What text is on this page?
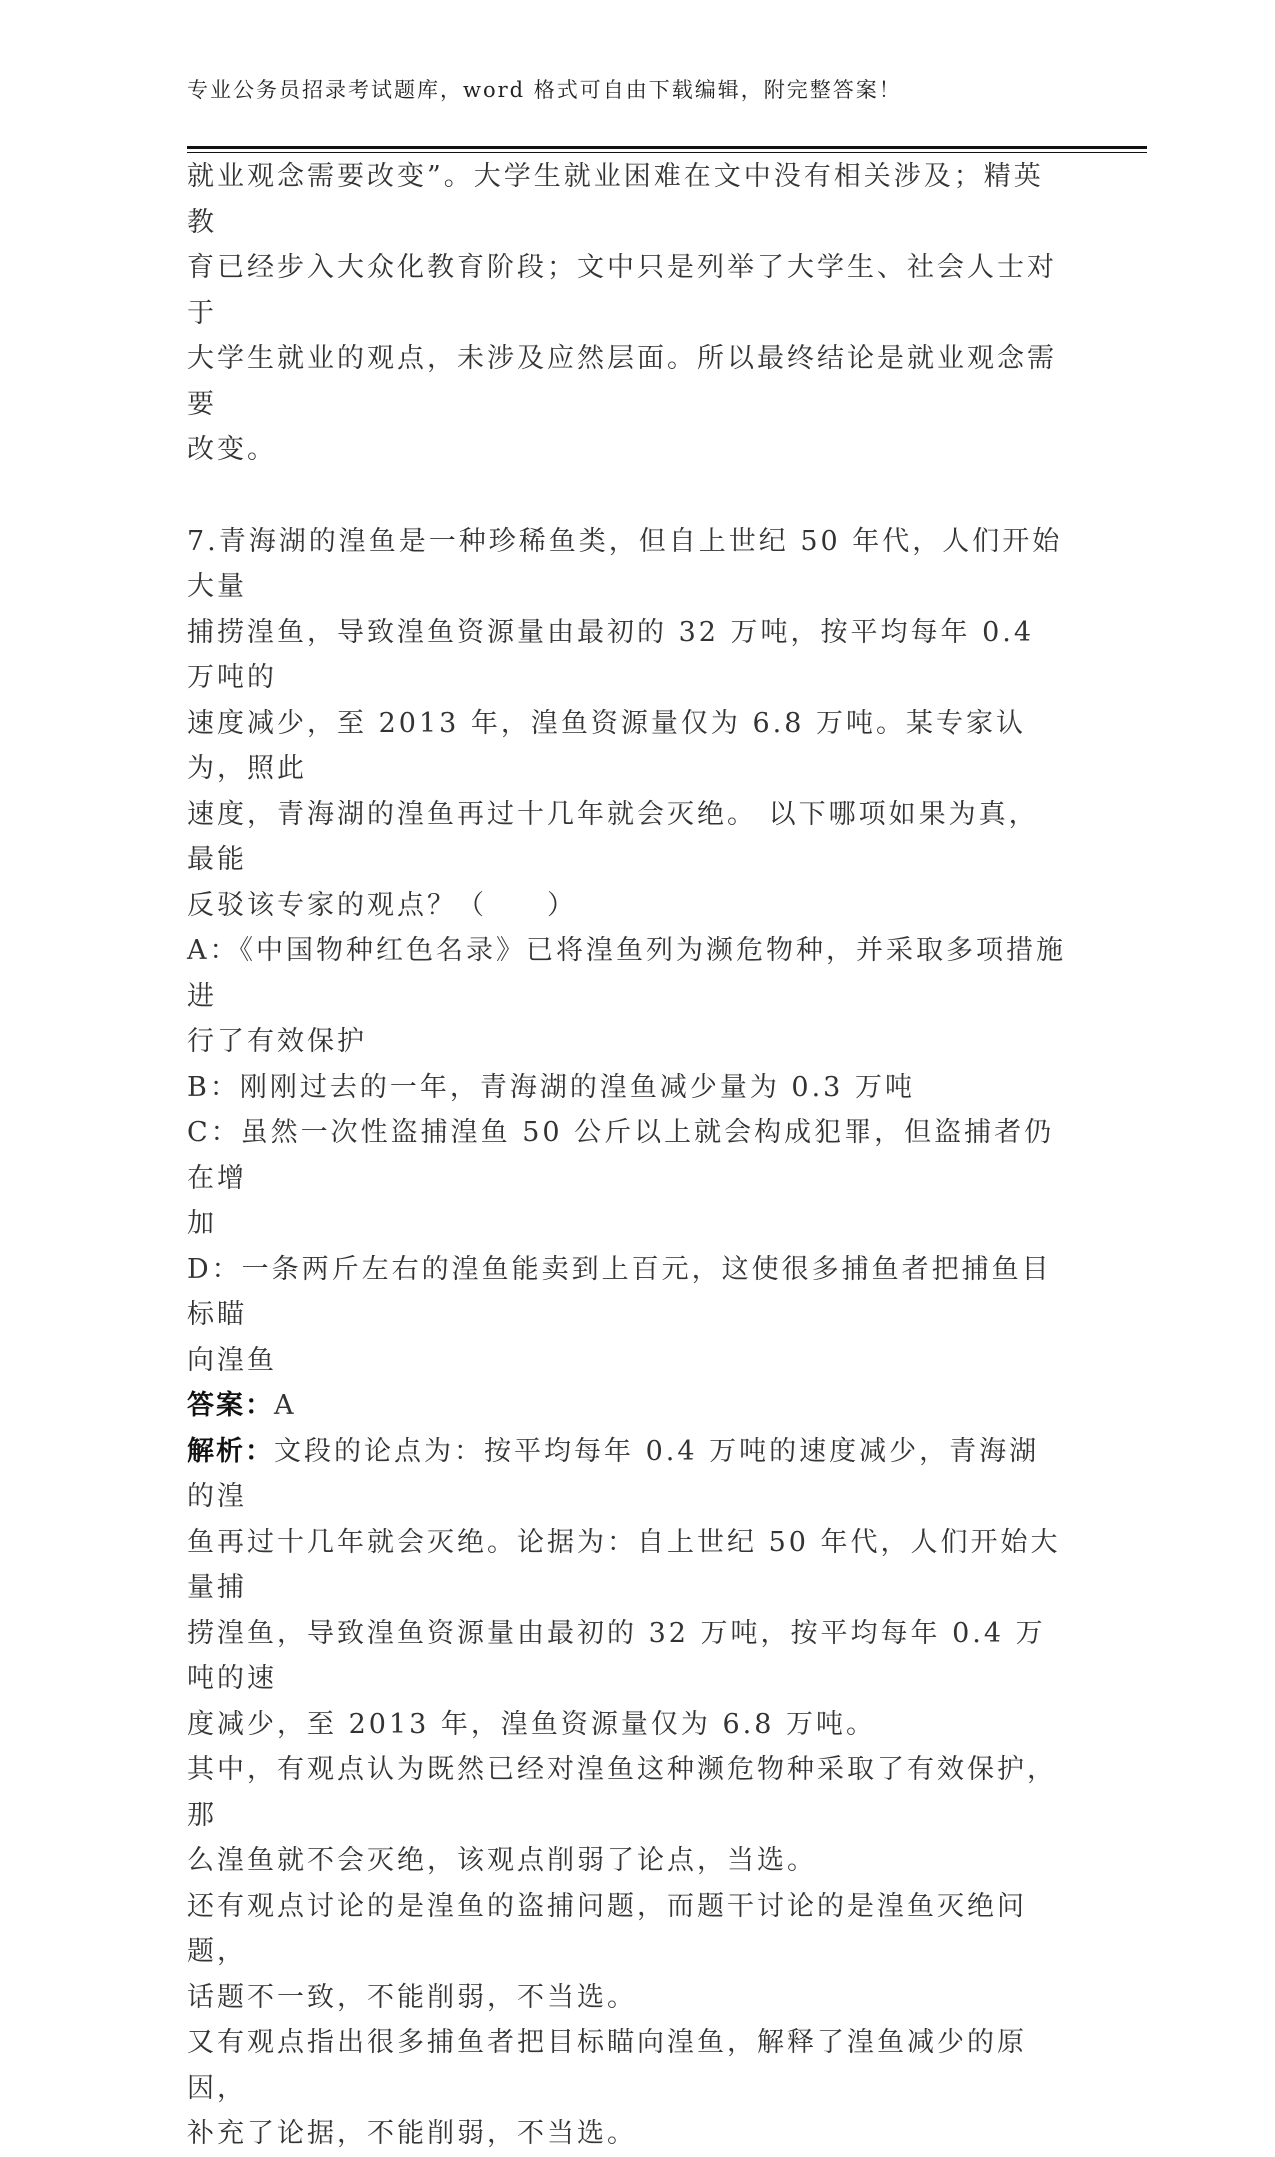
专业公务员招录考试题库，word 格式可自由下载编辑，附完整答案！

就业观念需要改变”。大学生就业困难在文中没有相关涉及；精英教

育已经步入大众化教育阶段；文中只是列举了大学生、社会人士对于

大学生就业的观点，未涉及应然层面。所以最终结论是就业观念需要

改变。

7.青海湖的湟鱼是一种珍稀鱼类，但自上世纪 50 年代，人们开始大量

捕捞湟鱼，导致湟鱼资源量由最初的 32 万吨，按平均每年 0.4 万吨的

速度减少，至 2013 年，湟鱼资源量仅为 6.8 万吨。某专家认为，照此

速度，青海湖的湟鱼再过十几年就会灭绝。 以下哪项如果为真，最能

反驳该专家的观点？（　　）

A：《中国物种红色名录》已将湟鱼列为濒危物种，并采取多项措施进

行了有效保护

B：刚刚过去的一年，青海湖的湟鱼减少量为 0.3 万吨

C：虽然一次性盗捕湟鱼 50 公斤以上就会构成犯罪，但盗捕者仍在增

加

D：一条两斤左右的湟鱼能卖到上百元，这使很多捕鱼者把捕鱼目标瞄

向湟鱼

答案：A

解析：文段的论点为：按平均每年 0.4 万吨的速度减少，青海湖的湟

鱼再过十几年就会灭绝。论据为：自上世纪 50 年代，人们开始大量捕

捞湟鱼，导致湟鱼资源量由最初的 32 万吨，按平均每年 0.4 万吨的速

度减少，至 2013 年，湟鱼资源量仅为 6.8 万吨。

其中，有观点认为既然已经对湟鱼这种濒危物种采取了有效保护，那

么湟鱼就不会灭绝，该观点削弱了论点，当选。

还有观点讨论的是湟鱼的盗捕问题，而题干讨论的是湟鱼灭绝问题，

话题不一致，不能削弱，不当选。

又有观点指出很多捕鱼者把目标瞄向湟鱼，解释了湟鱼减少的原因，

补充了论据，不能削弱，不当选。
